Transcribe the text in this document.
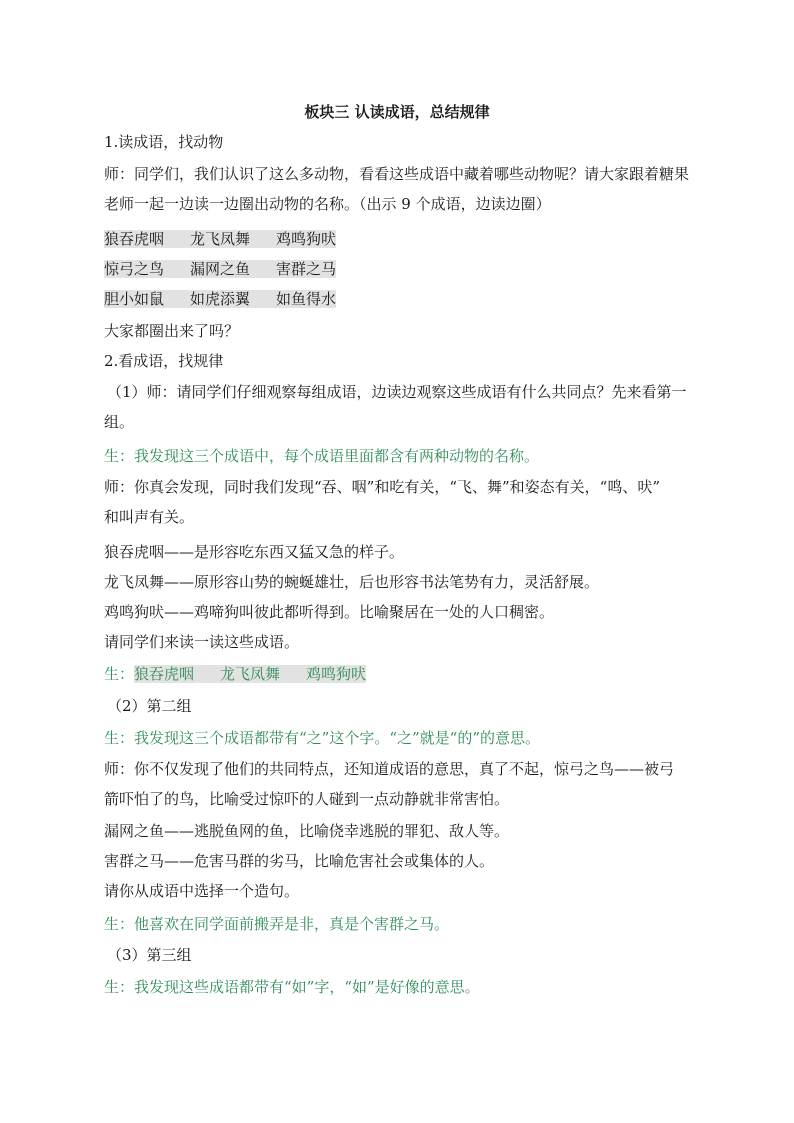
板块三 认读成语，总结规律
1.读成语，找动物
师：同学们，我们认识了这么多动物，看看这些成语中藏着哪些动物呢？请大家跟着糖果
老师一起一边读一边圈出动物的名称。（出示 9 个成语，边读边圈）
狼吞虎咽 龙飞凤舞 鸡鸣狗吠
惊弓之鸟 漏网之鱼 害群之马
胆小如鼠 如虎添翼 如鱼得水
大家都圈出来了吗？
2.看成语，找规律
（1）师：请同学们仔细观察每组成语，边读边观察这些成语有什么共同点？先来看第一
组。
生：我发现这三个成语中，每个成语里面都含有两种动物的名称。
师：你真会发现，同时我们发现“吞、咽”和吃有关，“飞、舞”和姿态有关，“鸣、吠”
和叫声有关。
狼吞虎咽——是形容吃东西又猛又急的样子。
龙飞凤舞——原形容山势的蜿蜒雄壮，后也形容书法笔势有力，灵活舒展。
鸡鸣狗吠——鸡啼狗叫彼此都听得到。比喻聚居在一处的人口稠密。
请同学们来读一读这些成语。
生：狼吞虎咽 龙飞凤舞 鸡鸣狗吠
（2）第二组
生：我发现这三个成语都带有“之”这个字。“之”就是“的”的意思。
师：你不仅发现了他们的共同特点，还知道成语的意思，真了不起，惊弓之鸟——被弓
箭吓怕了的鸟，比喻受过惊吓的人碰到一点动静就非常害怕。
漏网之鱼——逃脱鱼网的鱼，比喻侥幸逃脱的罪犯、敌人等。
害群之马——危害马群的劣马，比喻危害社会或集体的人。
请你从成语中选择一个造句。
生：他喜欢在同学面前搬弄是非，真是个害群之马。
（3）第三组
生：我发现这些成语都带有“如”字，“如”是好像的意思。
